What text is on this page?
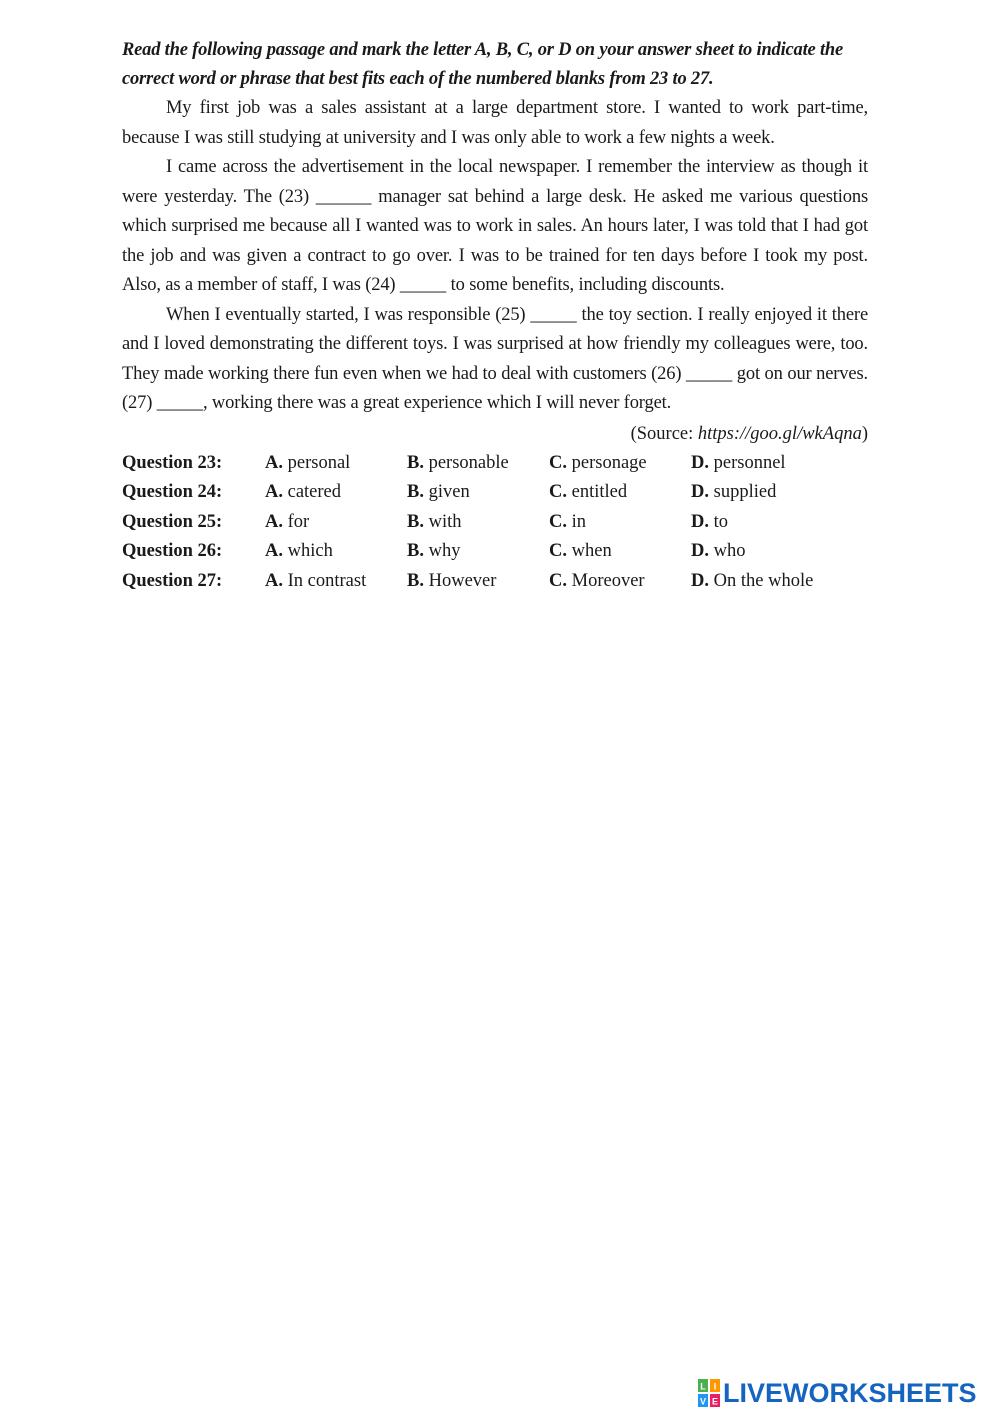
Read the following passage and mark the letter A, B, C, or D on your answer sheet to indicate the correct word or phrase that best fits each of the numbered blanks from 23 to 27.

My first job was a sales assistant at a large department store. I wanted to work part-time, because I was still studying at university and I was only able to work a few nights a week.

I came across the advertisement in the local newspaper. I remember the interview as though it were yesterday. The (23) ______ manager sat behind a large desk. He asked me various questions which surprised me because all I wanted was to work in sales. An hours later, I was told that I had got the job and was given a contract to go over. I was to be trained for ten days before I took my post. Also, as a member of staff, I was (24) _____ to some benefits, including discounts.

When I eventually started, I was responsible (25) _____ the toy section. I really enjoyed it there and I loved demonstrating the different toys. I was surprised at how friendly my colleagues were, too. They made working there fun even when we had to deal with customers (26) _____ got on our nerves. (27) _____, working there was a great experience which I will never forget.

(Source: https://goo.gl/wkAqna)

Question 23:	A. personal	B. personable	C. personage	D. personnel
Question 24:	A. catered	B. given	C. entitled	D. supplied
Question 25:	A. for	B. with	C. in	D. to
Question 26:	A. which	B. why	C. when	D. who
Question 27:	A. In contrast	B. However	C. Moreover	D. On the whole
L I
V E LIVEWORKSHEETS
